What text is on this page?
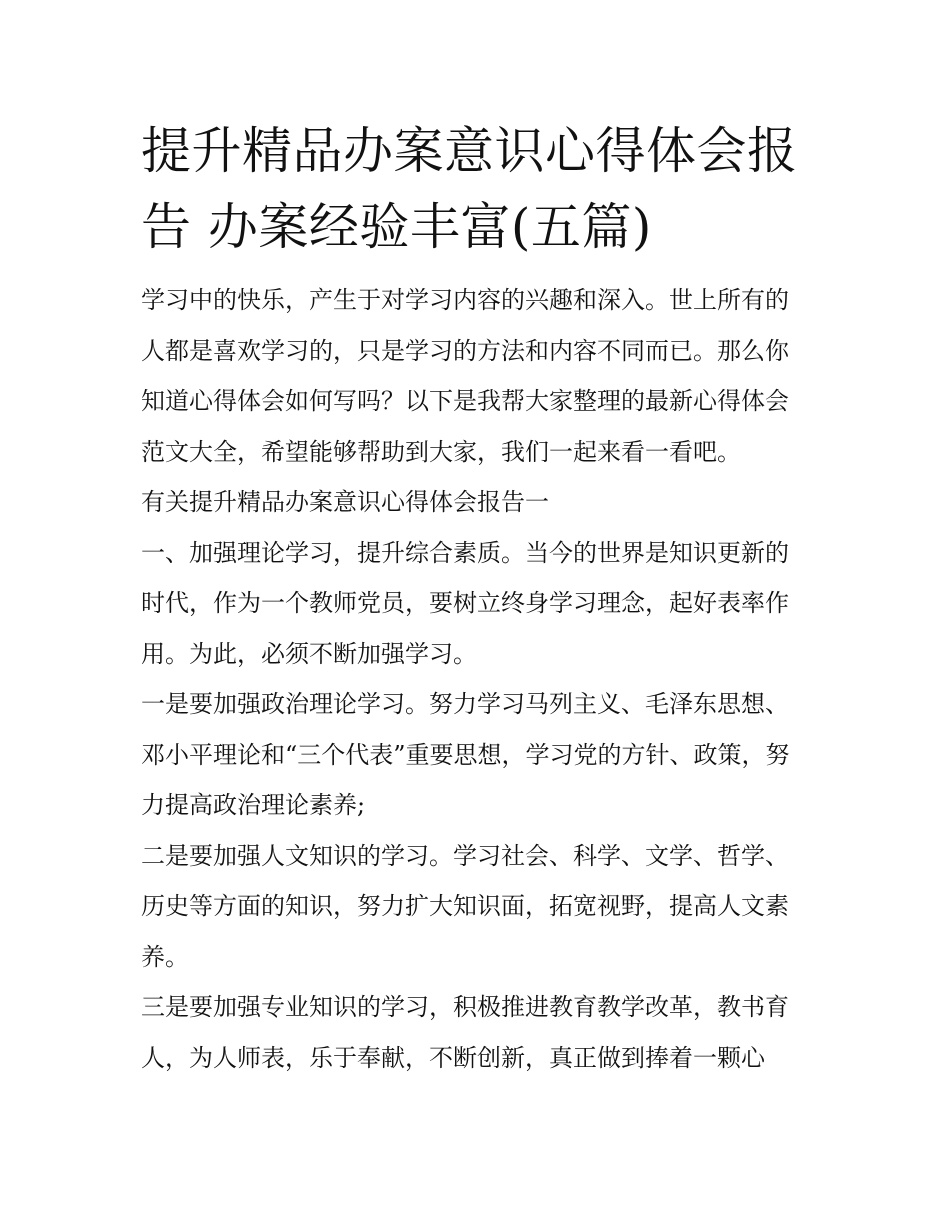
提升精品办案意识心得体会报
告 办案经验丰富(五篇)

学习中的快乐，产生于对学习内容的兴趣和深入。世上所有的
人都是喜欢学习的，只是学习的方法和内容不同而已。那么你
知道心得体会如何写吗？以下是我帮大家整理的最新心得体会
范文大全，希望能够帮助到大家，我们一起来看一看吧。

有关提升精品办案意识心得体会报告一

一、加强理论学习，提升综合素质。当今的世界是知识更新的
时代，作为一个教师党员，要树立终身学习理念，起好表率作
用。为此，必须不断加强学习。

一是要加强政治理论学习。努力学习马列主义、毛泽东思想、
邓小平理论和“三个代表”重要思想，学习党的方针、政策，努
力提高政治理论素养;

二是要加强人文知识的学习。学习社会、科学、文学、哲学、
历史等方面的知识，努力扩大知识面，拓宽视野，提高人文素
养。

三是要加强专业知识的学习，积极推进教育教学改革，教书育
人，为人师表，乐于奉献，不断创新，真正做到捧着一颗心
